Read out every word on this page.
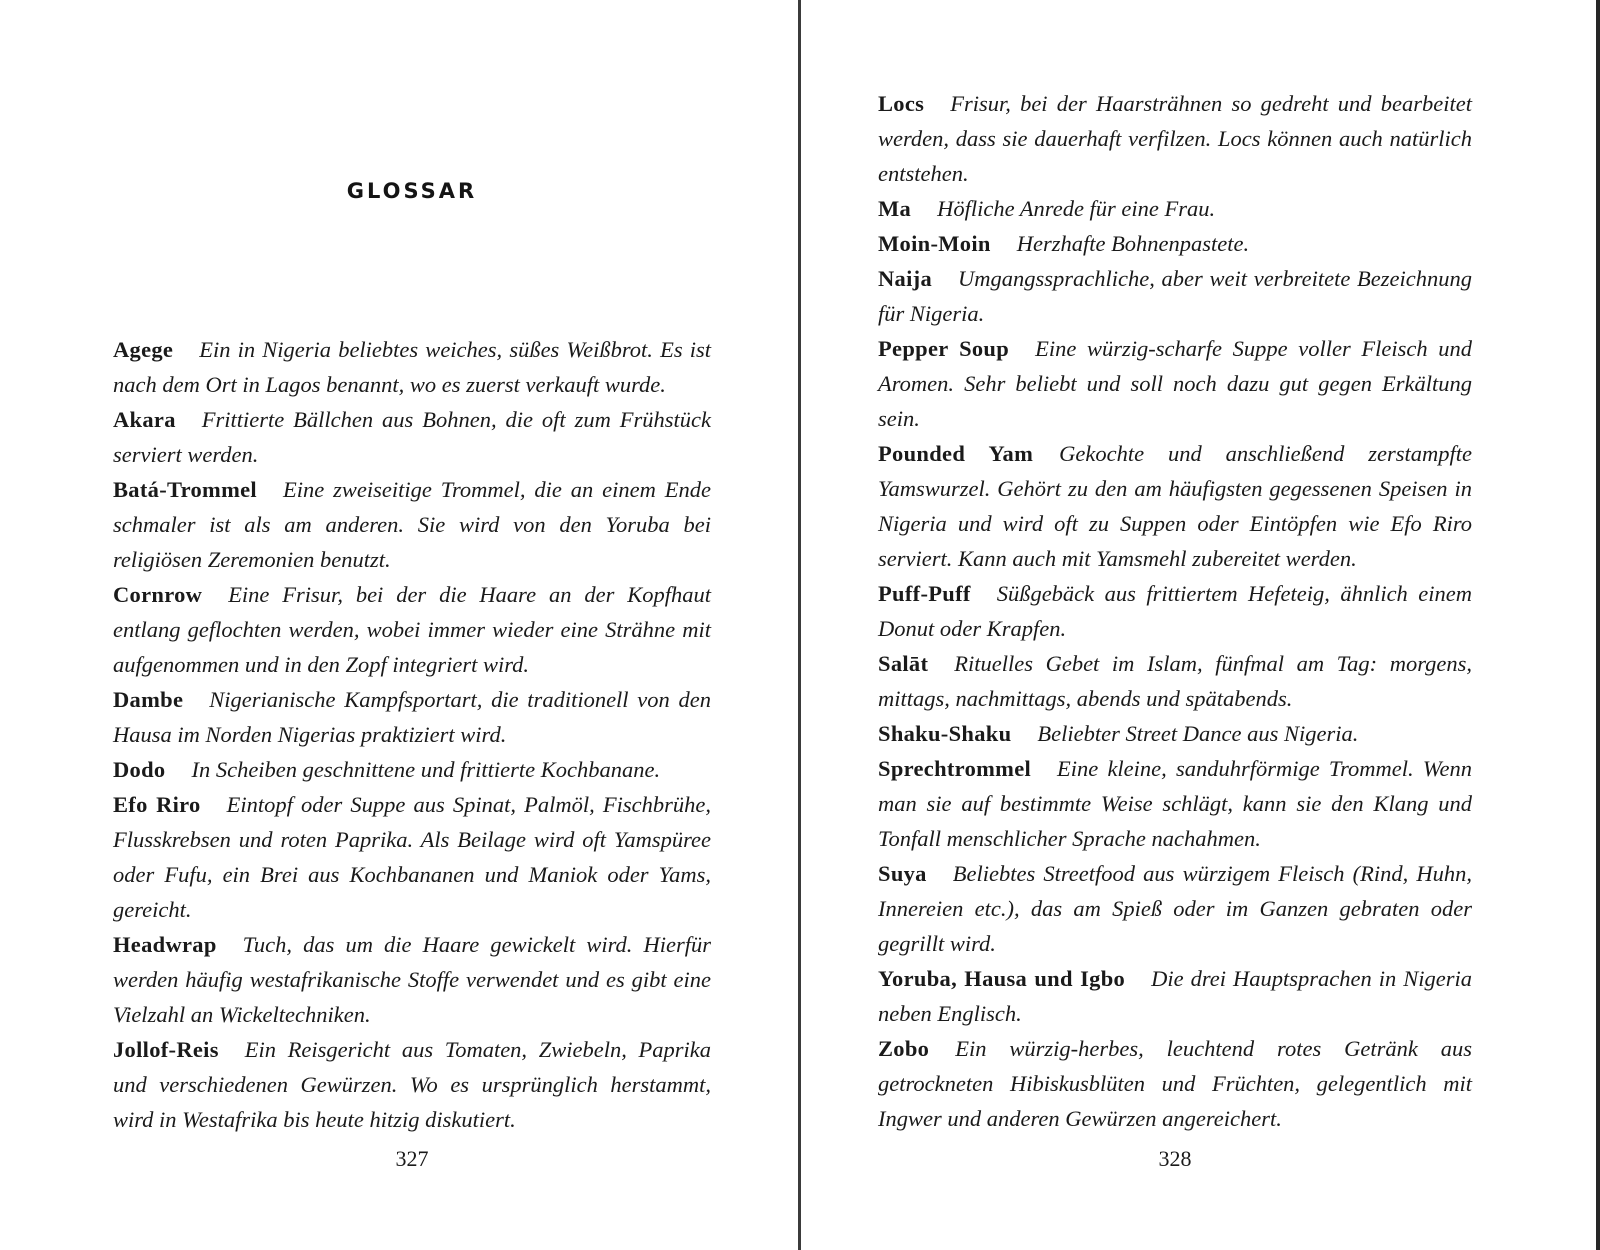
GLOSSAR

Agege Ein in Nigeria beliebtes weiches, süßes Weißbrot. Es ist nach dem Ort in Lagos benannt, wo es zuerst verkauft wurde.

Akara Frittierte Bällchen aus Bohnen, die oft zum Frühstück serviert werden.

Batá-Trommel Eine zweiseitige Trommel, die an einem Ende schmaler ist als am anderen. Sie wird von den Yoruba bei religiösen Zeremonien benutzt.

Cornrow Eine Frisur, bei der die Haare an der Kopfhaut entlang geflochten werden, wobei immer wieder eine Strähne mit aufgenommen und in den Zopf integriert wird.

Dambe Nigerianische Kampfsportart, die traditionell von den Hausa im Norden Nigerias praktiziert wird.

Dodo In Scheiben geschnittene und frittierte Kochbanane.

Efo Riro Eintopf oder Suppe aus Spinat, Palmöl, Fischbrühe, Flusskrebsen und roten Paprika. Als Beilage wird oft Yamspüree oder Fufu, ein Brei aus Kochbananen und Maniok oder Yams, gereicht.

Headwrap Tuch, das um die Haare gewickelt wird. Hierfür werden häufig westafrikanische Stoffe verwendet und es gibt eine Vielzahl an Wickeltechniken.

Jollof-Reis Ein Reisgericht aus Tomaten, Zwiebeln, Paprika und verschiedenen Gewürzen. Wo es ursprünglich herstammt, wird in Westafrika bis heute hitzig diskutiert.

327

Locs Frisur, bei der Haarsträhnen so gedreht und bearbeitet werden, dass sie dauerhaft verfilzen. Locs können auch natürlich entstehen.

Ma Höfliche Anrede für eine Frau.

Moin-Moin Herzhafte Bohnenpastete.

Naija Umgangssprachliche, aber weit verbreitete Bezeichnung für Nigeria.

Pepper Soup Eine würzig-scharfe Suppe voller Fleisch und Aromen. Sehr beliebt und soll noch dazu gut gegen Erkältung sein.

Pounded Yam Gekochte und anschließend zerstampfte Yamswurzel. Gehört zu den am häufigsten gegessenen Speisen in Nigeria und wird oft zu Suppen oder Eintöpfen wie Efo Riro serviert. Kann auch mit Yamsmehl zubereitet werden.

Puff-Puff Süßgebäck aus frittiertem Hefeteig, ähnlich einem Donut oder Krapfen.

Salāt Rituelles Gebet im Islam, fünfmal am Tag: morgens, mittags, nachmittags, abends und spätabends.

Shaku-Shaku Beliebter Street Dance aus Nigeria.

Sprechtrommel Eine kleine, sanduhrförmige Trommel. Wenn man sie auf bestimmte Weise schlägt, kann sie den Klang und Tonfall menschlicher Sprache nachahmen.

Suya Beliebtes Streetfood aus würzigem Fleisch (Rind, Huhn, Innereien etc.), das am Spieß oder im Ganzen gebraten oder gegrillt wird.

Yoruba, Hausa und Igbo Die drei Hauptsprachen in Nigeria neben Englisch.

Zobo Ein würzig-herbes, leuchtend rotes Getränk aus getrockneten Hibiskusblüten und Früchten, gelegentlich mit Ingwer und anderen Gewürzen angereichert.

328
